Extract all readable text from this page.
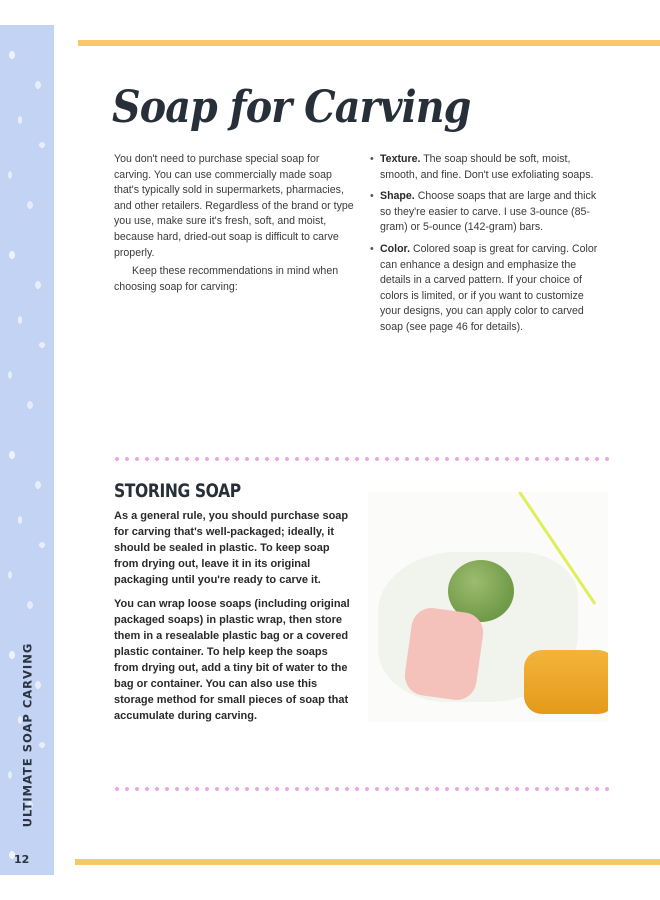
ULTIMATE SOAP CARVING
12
Soap for Carving

You don't need to purchase special soap for carving. You can use commercially made soap that's typically sold in supermarkets, pharmacies, and other retailers. Regardless of the brand or type you use, make sure it's fresh, soft, and moist, because hard, dried-out soap is difficult to carve properly.

Keep these recommendations in mind when choosing soap for carving:

• Texture. The soap should be soft, moist, smooth, and fine. Don't use exfoliating soaps.
• Shape. Choose soaps that are large and thick so they're easier to carve. I use 3-ounce (85-gram) or 5-ounce (142-gram) bars.
• Color. Colored soap is great for carving. Color can enhance a design and emphasize the details in a carved pattern. If your choice of colors is limited, or if you want to customize your designs, you can apply color to carved soap (see page 46 for details).
STORING SOAP

As a general rule, you should purchase soap for carving that's well-packaged; ideally, it should be sealed in plastic. To keep soap from drying out, leave it in its original packaging until you're ready to carve it.

You can wrap loose soaps (including original packaged soaps) in plastic wrap, then store them in a resealable plastic bag or a covered plastic container. To help keep the soaps from drying out, add a tiny bit of water to the bag or container. You can also use this storage method for small pieces of soap that accumulate during carving.
